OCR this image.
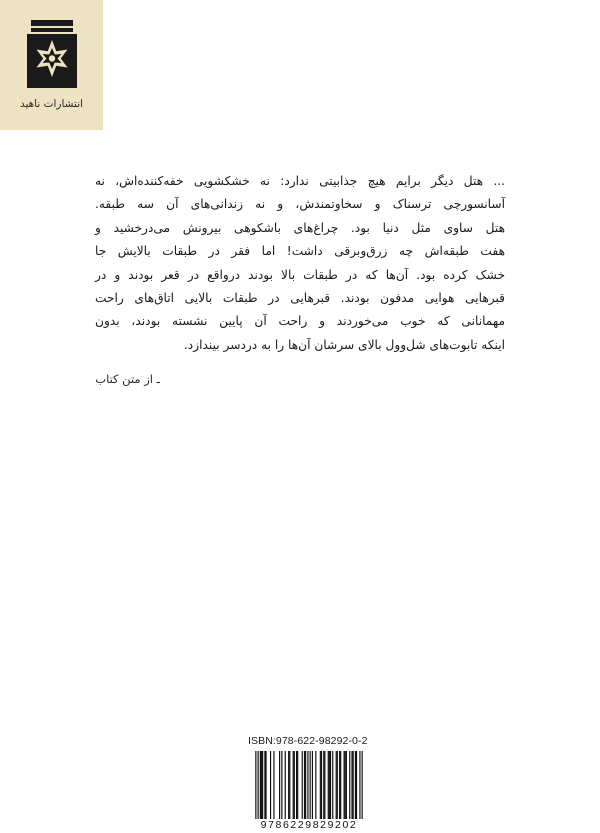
انتشارات ناهید
... هتل دیگر برایم هیچ جذابیتی ندارد: نه خشکشویی خفه‌کننده‌اش، نه
آسانسورچی ترسناک و سخاوتمندش، و نه زندانی‌های آن سه طبقه.
هتل ساوی مثل دنیا بود. چراغ‌های باشکوهی بیرونش می‌درخشید و
هفت طبقه‌اش چه زرق‌وبرقی داشت! اما فقر در طبقات بالایش جا
خشک کرده بود. آن‌ها که در طبقات بالا بودند درواقع در قعر بودند و در
قبرهایی هوایی مدفون بودند. قبرهایی در طبقات بالایی اتاق‌های راحت
مهمانانی که خوب می‌خوردند و راحت آن پایین نشسته بودند، بدون
اینکه تابوت‌های شل‌وول بالای سرشان آن‌ها را به دردسر بیندازد.
ـ از متن کتاب
ISBN:978-622-98292-0-2
9786229829202
